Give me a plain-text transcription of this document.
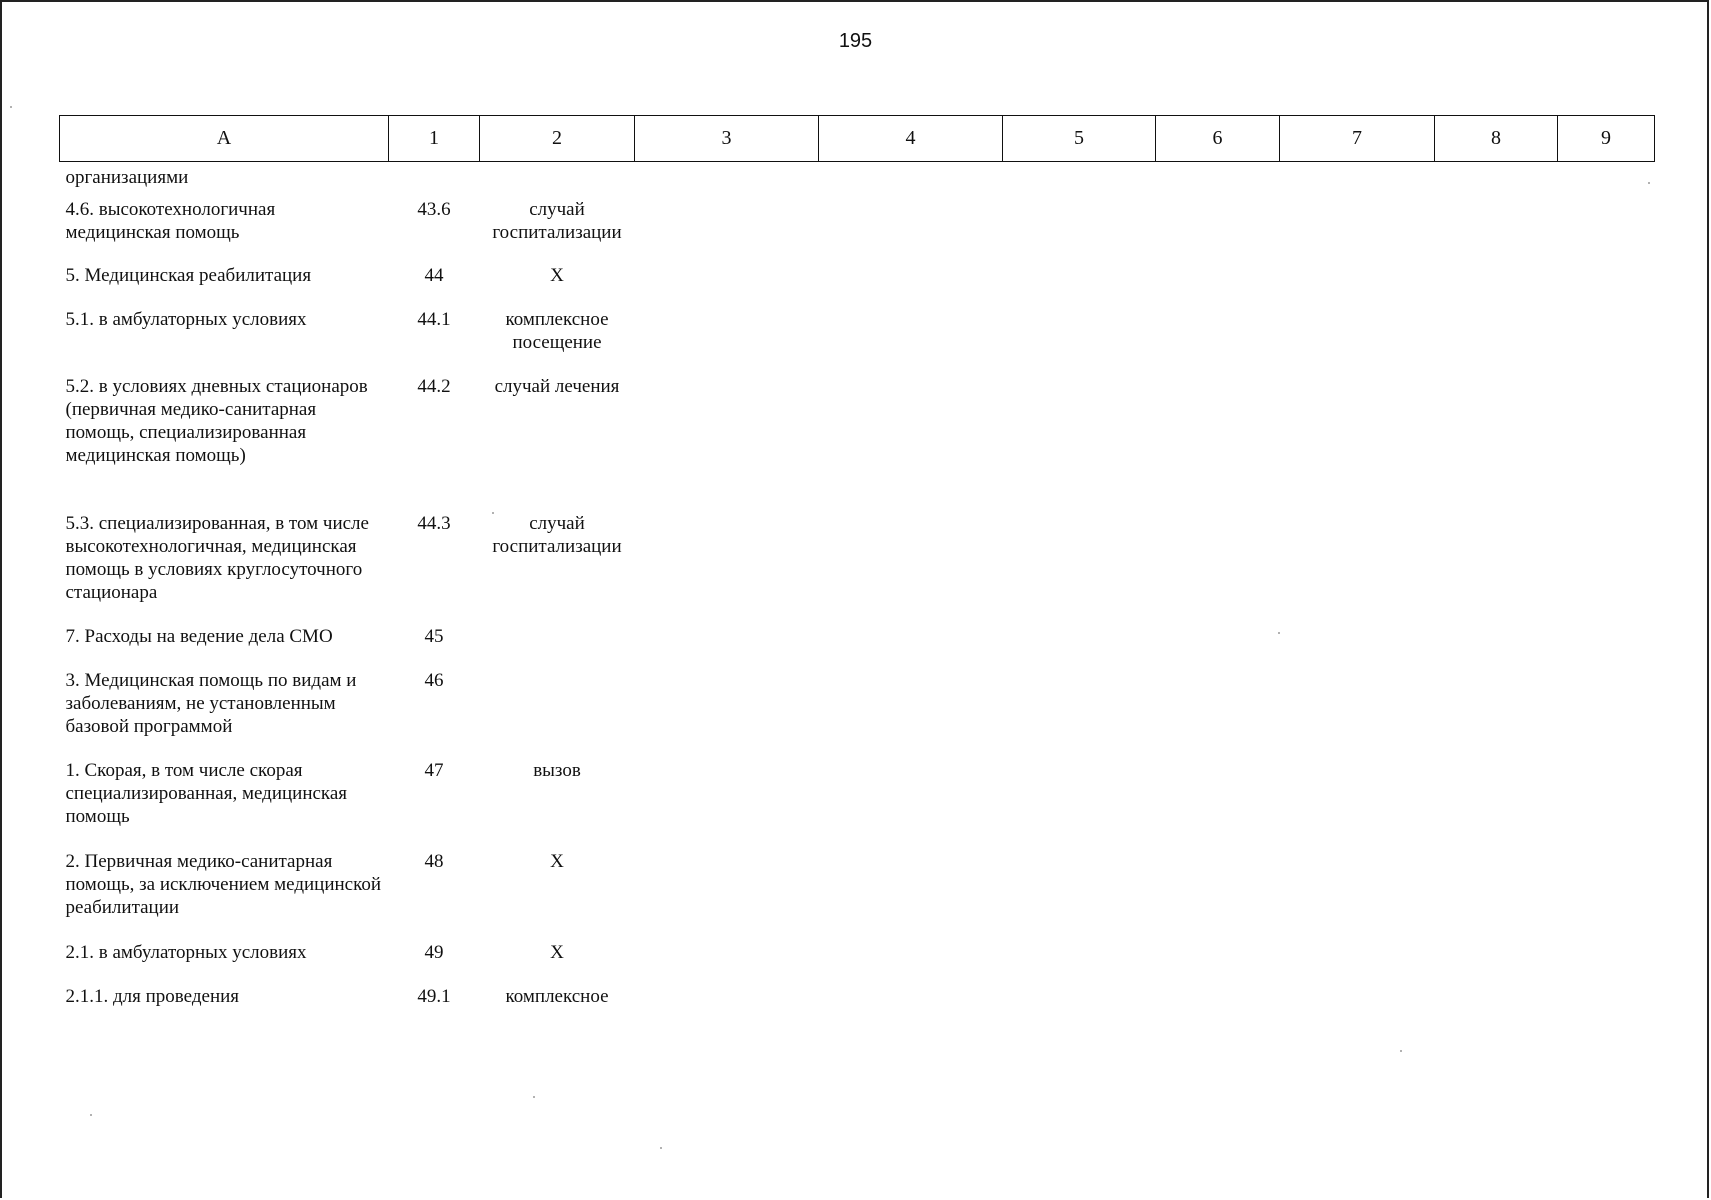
195
А	1	2	3	4	5	6	7	8	9
организациями									
4.6. высокотехнологичная медицинская помощь	43.6	случай госпитализации							
5. Медицинская реабилитация	44	X							
5.1. в амбулаторных условиях	44.1	комплексное посещение							
5.2. в условиях дневных стационаров (первичная медико-санитарная помощь, специализированная медицинская помощь)	44.2	случай лечения							
5.3. специализированная, в том числе высокотехнологичная, медицинская помощь в условиях круглосуточного стационара	44.3	случай госпитализации							
7. Расходы на ведение дела СМО	45								
3. Медицинская помощь по видам и заболеваниям, не установленным базовой программой	46								
1. Скорая, в том числе скорая специализированная, медицинская помощь	47	вызов							
2. Первичная медико-санитарная помощь, за исключением медицинской реабилитации	48	X							
2.1. в амбулаторных условиях	49	X							
2.1.1. для проведения	49.1	комплексное							
